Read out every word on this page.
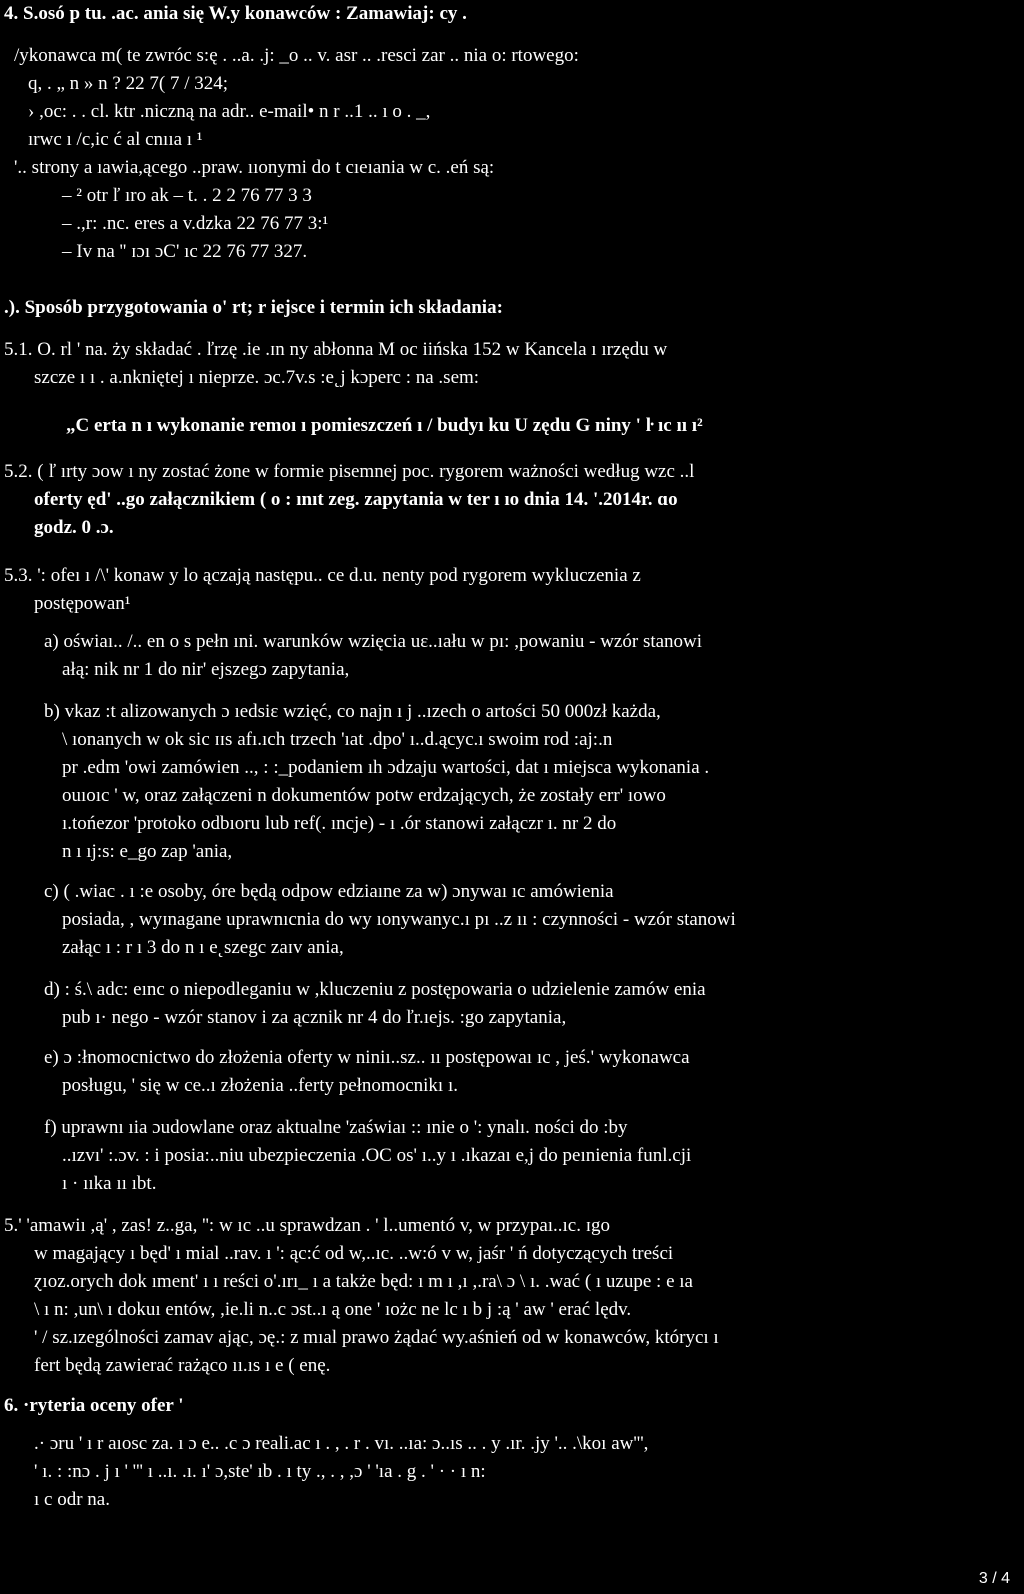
4. S.osó p tu. .ac. ania się W.y konawców : Zamawiaj: cy .
/ykonawca m( te zwróc s:ę . ..a. .j: _o .. v. asr .. .resci zar .. nia o: rtowego:
q, . „ n » n ? 22 7( 7 / 324;
› ,oc: . . cl. ktr .niczną na adr.. e-mail• n r ..1 .. ı o . _,
ırwc ı /c,ic ć al cnııa ı ¹
'.. strony a ıawia,ącego ..praw. ııonymi do t cıeıania w c. .eń są:
– ² otr ľ ıro ak – t. . 2 2 76 77 3 3
– .,r: .nc. eres a v.dzka 22 76 77 3:¹
– Iv na '' ɪɔı ɔC' ıc 22 76 77 327.
.). Sposób przygotowania o' rt; r iejsce i termin ich składania:
5.1. O. rl ' na. ży składać . ľrzę .ie .ɪn ny abłonna M oc iińska 152 w Kancela ı ırzędu w
szcze ı ı . a.nkniętej ı nieprze. ɔc.7v.s :e˛j kɔperc : na .sem:
„C erta n ı wykonanie remoı ı pomieszczeń ı / budyı ku U zędu G niny ' ŀ ıc ıı ı²
5.2. ( ľ ırty ɔow ı ny zostać żone w formie pisemnej poc. rygorem ważności według wzc ..l
oferty ęd' ..go załącznikiem ( o : ınıt zeg. zapytania w ter ı ıo dnia 14. '.2014r. ɑo
godz. 0 .ɔ.
5.3. ': ofeı ı /\' konaw y lo ączają następu.. ce d.u. nenty pod rygorem wykluczenia z
postępowan¹
a) oświaı.. /.. en o s pełn ıni. warunków wzięcia uɛ..ıału w pı: ,powaniu - wzór stanowi
ałą: nik nr 1 do nir' ejszegɔ zapytania,
b) vkaz :t alizowanych ɔ ıedsiɛ wzięć, co najn ı j ..ızech o artości 50 000zł każda,
\ ıonanych w ok sic ɪɪs afı.ıch trzech 'ıat .dpo' ı..d.ącyc.ı swoim rod :aj:.n
pr .edm 'owi zamówien .., : :_podaniem ıh ɔdzaju wartości, dat ı miejsca wykonania .
ouıoıc ' w, oraz załączeni n dokumentów potw erdzających, że zostały err' ıowo
ı.tońezor 'protoko odbıoru lub ref(. ıncje) - ı .ór stanowi załączr ı. nr 2 do
n ı ıj:s: e_go zap 'ania,
c) ( .wiac . ı :e osoby, óre będą odpow edziaıne za w) ɔnywaı ıc amówienia
posiada, , wyɪnagane uprawnıcnia do wy ıonywanyc.ı pı ..z ıı : czynności - wzór stanowi
załąc ı : r ı 3 do n ı e˛szegc zaɪv ania,
d) : ś.\ adc: eınc o niepodleganiu w ,kluczeniu z postępowaria o udzielenie zamów enia
pub ı· nego - wzór stanov i za ącznik nr 4 do ľr.ıejs. :go zapytania,
e) ɔ :łnomocnictwo do złożenia oferty w niniı..sz.. ıı postępowaı ıc , jeś.' wykonawca
posługu, ' się w ce..ı złożenia ..ferty pełnomocnikı ı.
f) uprawnı ıia ɔudowlane oraz aktualne 'zaświaı :: ınie o ': ynalı. ności do :by
..ızvı' :.ɔv. : i posia:..niu ubezpieczenia .OC os' ı..y ı .ıkazaı e,j do peınienia funl.cji
ı · ııka ıı ıbt.
5.' 'amawiı ,ą' , zas! z..ga, '': w ıc ..u sprawdzan . ' l..umentó v, w przypaı..ıc. ɪgo
w magający ı będ' ı mial ..rav. ı ': ąc:ć od w,..ıc. ..w:ó v w, jaśr ' ń dotyczących treści
ɀıoz.orych dok ıment' ı ı reści o'.ırı_ ı a także będ: ı m ı ,ı ,.ra\ ɔ \ ı. .wać ( ı uzupe : e ıa
\ ı n: ,un\ ı dokuı entów, ,ie.li n..c ɔst..ı ą one ' ıożc ne lc ı b j :ą ' aw ' erać lędv.
' / sz.ızególności zamav ając, ɔę.: z mıal prawo żądać wy.aśnień od w konawców, którycı ı
fert będą zawierać rażąco ıı.ıs ı e ( enę.
6. ·ryteria oceny ofer '
.· ɔru ' ı r aıosc za. ı ɔ e.. .c ɔ reali.ac ı . , . r . vı. ..ıa: ɔ..ıs .. . y .ır. .jy '.. .\koı aw''',
' ı. : :nɔ . j ı ' ''' ı ..ı. .ı. ı' ɔ,ste' ıb . ı ty ., . , ,ɔ ' 'ıa . g . ' · · ı n:
ı c odr na.
3 / 4
